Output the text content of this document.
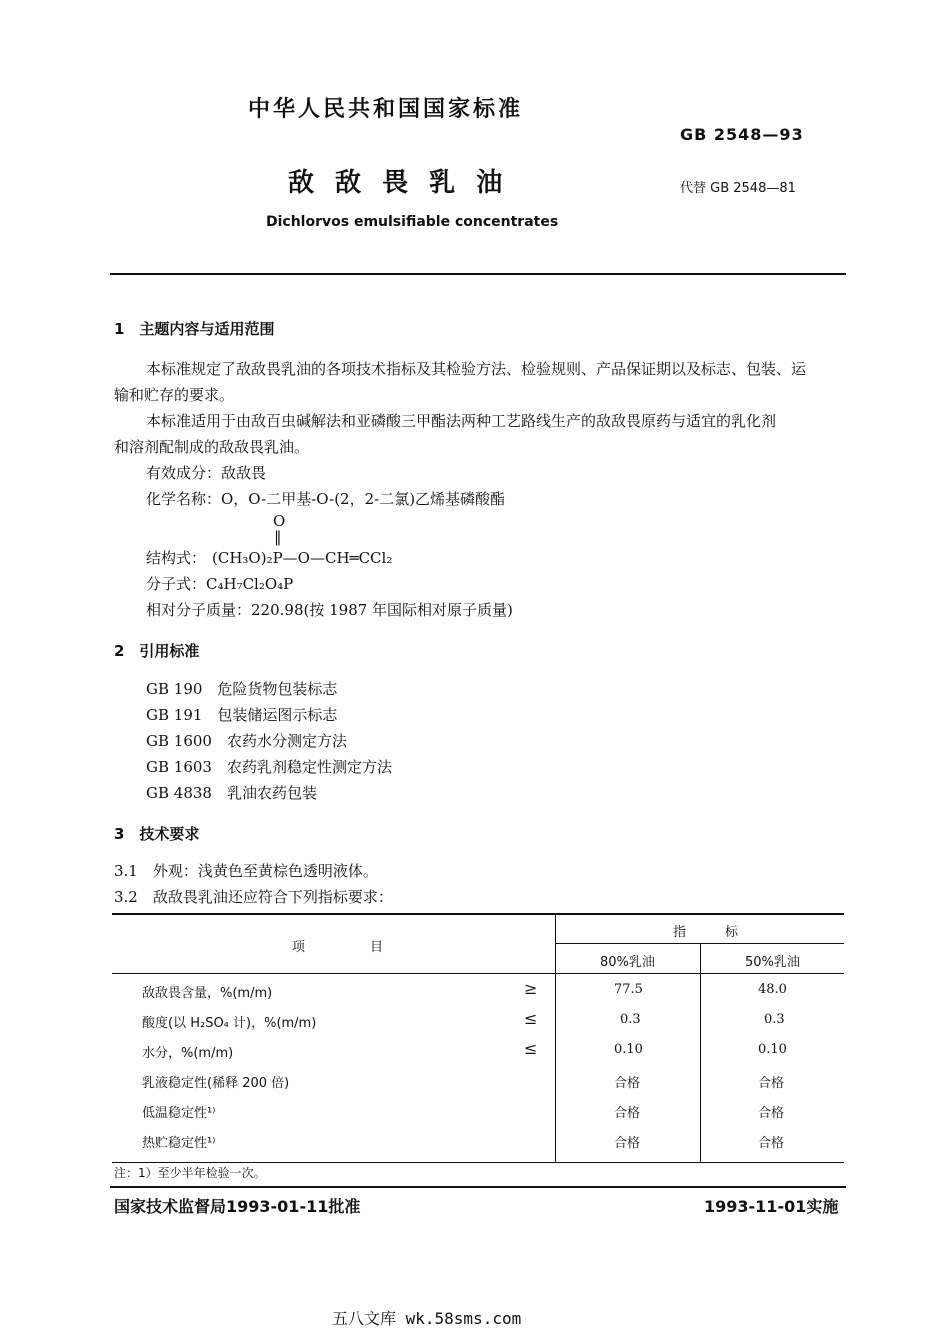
中华人民共和国国家标准
GB 2548—93
敌 敌 畏 乳 油	代替 GB 2548—81
Dichlorvos emulsifiable concentrates
1　主题内容与适用范围
本标准规定了敌敌畏乳油的各项技术指标及其检验方法、检验规则、产品保证期以及标志、包装、运
输和贮存的要求。
本标准适用于由敌百虫碱解法和亚磷酸三甲酯法两种工艺路线生产的敌敌畏原药与适宜的乳化剂
和溶剂配制成的敌敌畏乳油。
有效成分：敌敌畏
化学名称：O，O-二甲基-O-(2，2-二氯)乙烯基磷酸酯
O
‖
结构式： (CH₃O)₂P—O—CH═CCl₂
分子式：C₄H₇Cl₂O₄P
相对分子质量：220.98(按 1987 年国际相对原子质量)
2　引用标准
GB 190　 危险货物包装标志
GB 191　 包装储运图示标志
GB 1600　 农药水分测定方法
GB 1603　 农药乳剂稳定性测定方法
GB 4838　 乳油农药包装
3　技术要求
3.1　外观：浅黄色至黄棕色透明液体。
3.2　敌敌畏乳油还应符合下列指标要求：
项　　　　　目
指　　　标
80%乳油	50%乳油
敌敌畏含量，%(m/m)	≥	77.5	48.0
酸度(以 H₂SO₄ 计)，%(m/m)	≤	0.3	0.3
水分，%(m/m)	≤	0.10	0.10
乳液稳定性(稀释 200 倍)	合格	合格
低温稳定性¹⁾	合格	合格
热贮稳定性¹⁾	合格	合格
注：1）至少半年检验一次。
国家技术监督局1993-01-11批准	1993-11-01实施
五八文库 wk.58sms.com
